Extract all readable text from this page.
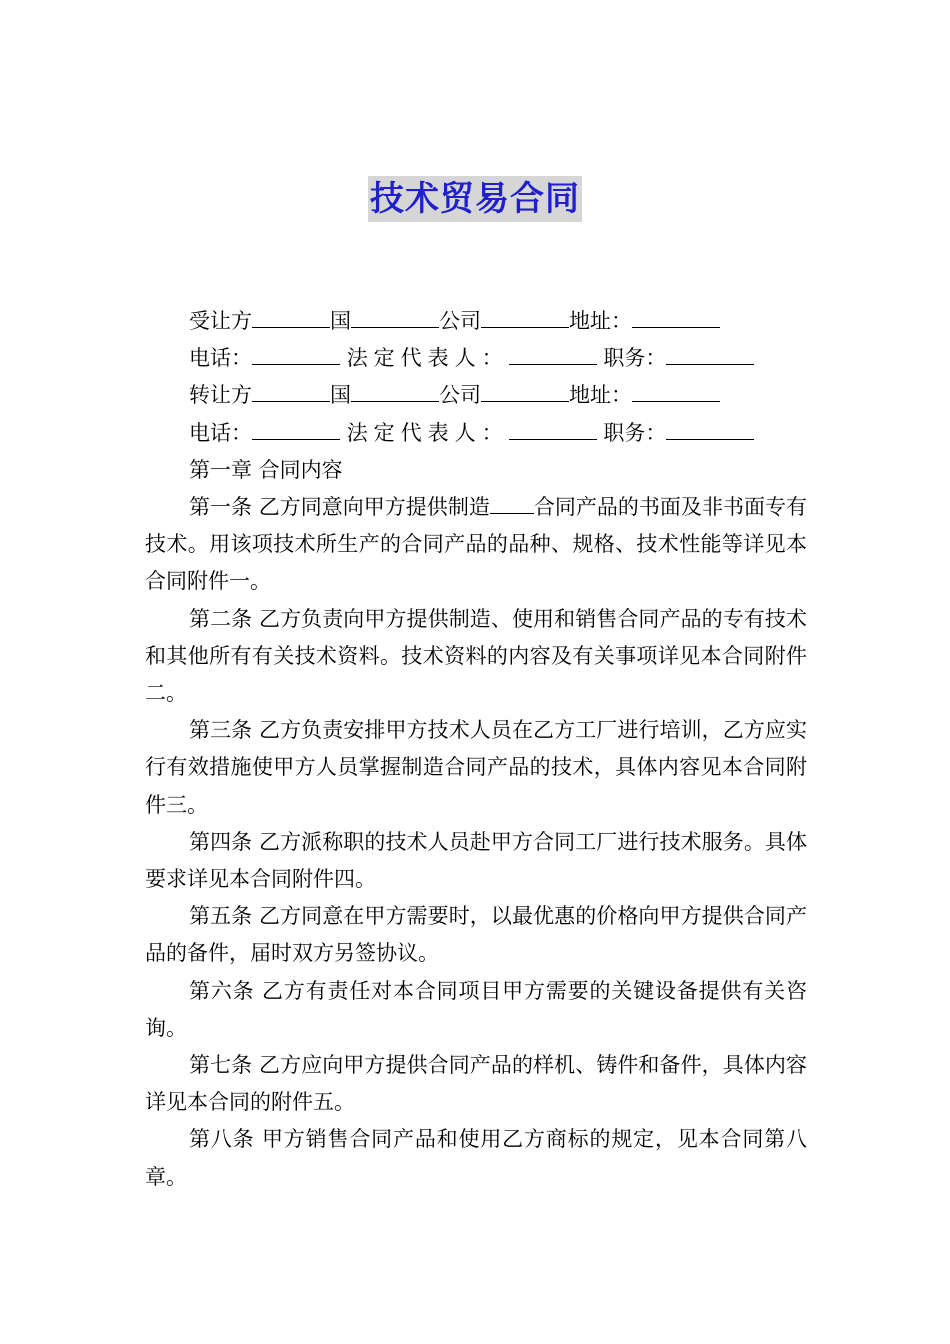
技术贸易合同
受让方	国	公司	地址：
电话：	法定代表人：	职务：
转让方	国	公司	地址：
电话：	法定代表人：	职务：
第一章 合同内容

第一条 乙方同意向甲方提供制造 合同产品的书面及非书面专有技术。用该项技术所生产的合同产品的品种、规格、技术性能等详见本合同附件一。

第二条 乙方负责向甲方提供制造、使用和销售合同产品的专有技术和其他所有有关技术资料。技术资料的内容及有关事项详见本合同附件二。

第三条 乙方负责安排甲方技术人员在乙方工厂进行培训，乙方应实行有效措施使甲方人员掌握制造合同产品的技术，具体内容见本合同附件三。

第四条 乙方派称职的技术人员赴甲方合同工厂进行技术服务。具体要求详见本合同附件四。

第五条 乙方同意在甲方需要时，以最优惠的价格向甲方提供合同产品的备件，届时双方另签协议。

第六条 乙方有责任对本合同项目甲方需要的关键设备提供有关咨询。

第七条 乙方应向甲方提供合同产品的样机、铸件和备件，具体内容详见本合同的附件五。

第八条 甲方销售合同产品和使用乙方商标的规定，见本合同第八章。
